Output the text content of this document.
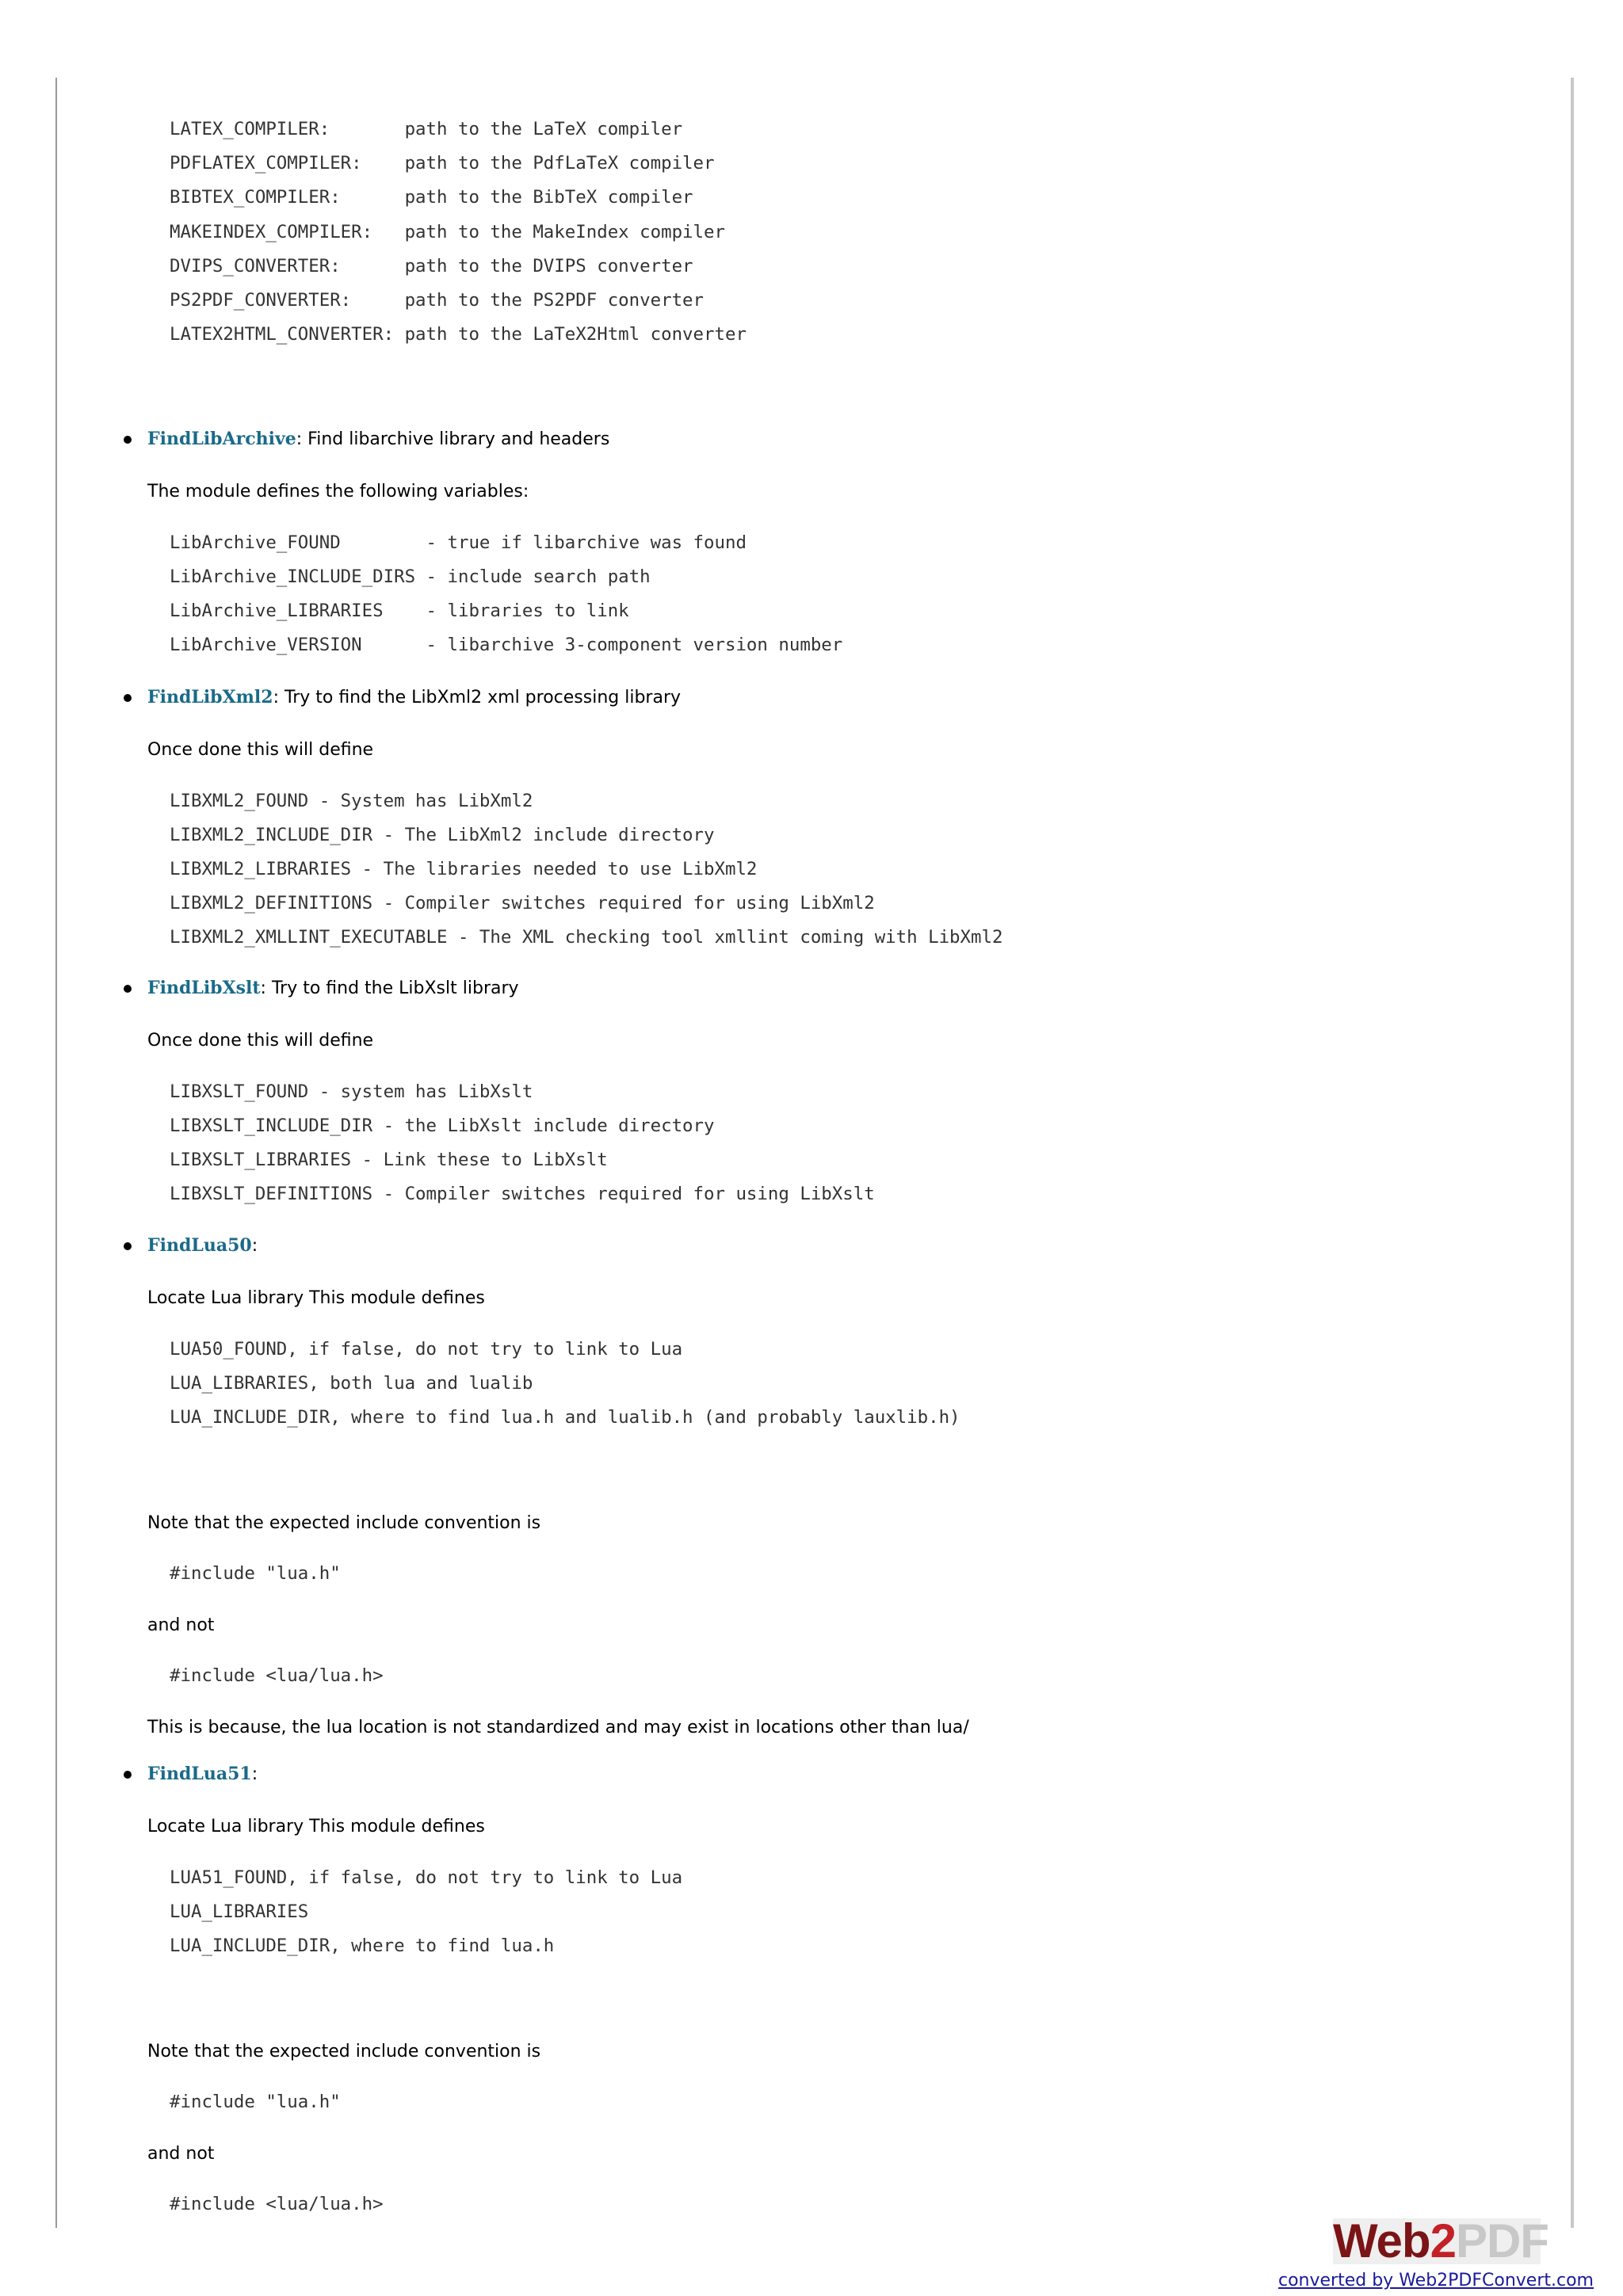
LATEX_COMPILER:       path to the LaTeX compiler
PDFLATEX_COMPILER:    path to the PdfLaTeX compiler
BIBTEX_COMPILER:      path to the BibTeX compiler
MAKEINDEX_COMPILER:   path to the MakeIndex compiler
DVIPS_CONVERTER:      path to the DVIPS converter
PS2PDF_CONVERTER:     path to the PS2PDF converter
LATEX2HTML_CONVERTER: path to the LaTeX2Html converter
FindLibArchive: Find libarchive library and headers
The module defines the following variables:
LibArchive_FOUND        - true if libarchive was found
LibArchive_INCLUDE_DIRS - include search path
LibArchive_LIBRARIES    - libraries to link
LibArchive_VERSION      - libarchive 3-component version number
FindLibXml2: Try to find the LibXml2 xml processing library
Once done this will define
LIBXML2_FOUND - System has LibXml2
LIBXML2_INCLUDE_DIR - The LibXml2 include directory
LIBXML2_LIBRARIES - The libraries needed to use LibXml2
LIBXML2_DEFINITIONS - Compiler switches required for using LibXml2
LIBXML2_XMLLINT_EXECUTABLE - The XML checking tool xmllint coming with LibXml2
FindLibXslt: Try to find the LibXslt library
Once done this will define
LIBXSLT_FOUND - system has LibXslt
LIBXSLT_INCLUDE_DIR - the LibXslt include directory
LIBXSLT_LIBRARIES - Link these to LibXslt
LIBXSLT_DEFINITIONS - Compiler switches required for using LibXslt
FindLua50:
Locate Lua library This module defines
LUA50_FOUND, if false, do not try to link to Lua
LUA_LIBRARIES, both lua and lualib
LUA_INCLUDE_DIR, where to find lua.h and lualib.h (and probably lauxlib.h)
Note that the expected include convention is
#include "lua.h"
and not
#include <lua/lua.h>
This is because, the lua location is not standardized and may exist in locations other than lua/
FindLua51:
Locate Lua library This module defines
LUA51_FOUND, if false, do not try to link to Lua
LUA_LIBRARIES
LUA_INCLUDE_DIR, where to find lua.h
Note that the expected include convention is
#include "lua.h"
and not
#include <lua/lua.h>
Web2PDF
converted by Web2PDFConvert.com
